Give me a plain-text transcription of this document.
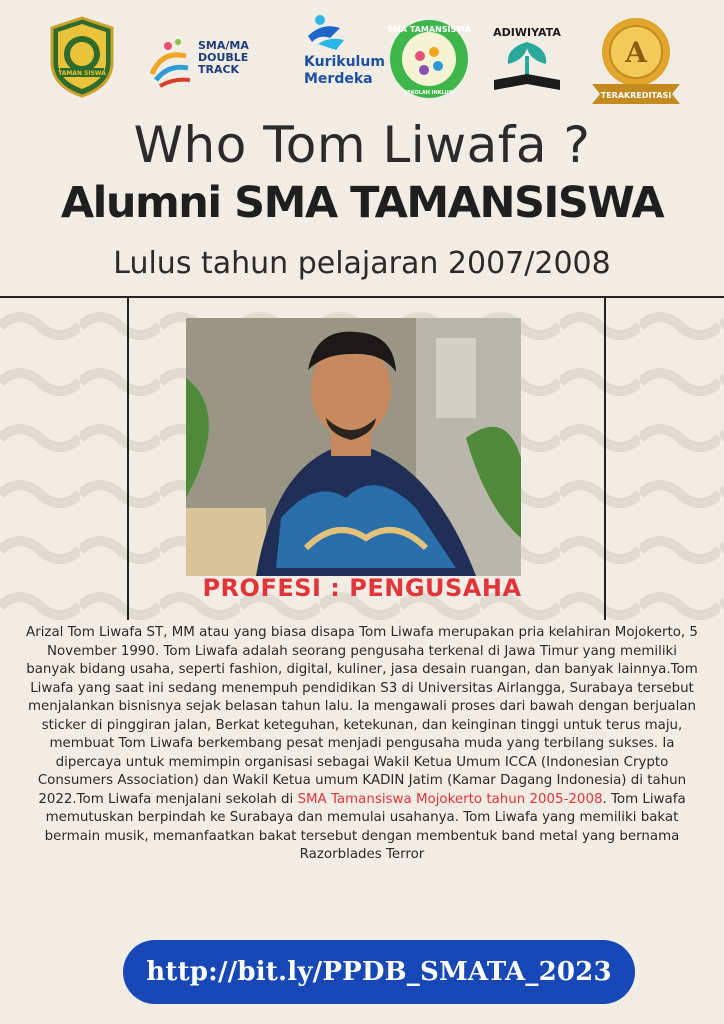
TAMAN SISWA
SMA/MA DOUBLE TRACK	Kurikulum Merdeka
SMA TAMANSISWA
SEKOLAH INKLUSI
ADIWIYATA
A
TERAKREDITASI
Who Tom Liwafa ?
Alumni SMA TAMANSISWA
Lulus tahun pelajaran 2007/2008
PROFESI : PENGUSAHA
Arizal Tom Liwafa ST, MM atau yang biasa disapa Tom Liwafa merupakan pria kelahiran Mojokerto, 5 November 1990. Tom Liwafa adalah seorang pengusaha terkenal di Jawa Timur yang memiliki banyak bidang usaha, seperti fashion, digital, kuliner, jasa desain ruangan, dan banyak lainnya.Tom Liwafa yang saat ini sedang menempuh pendidikan S3 di Universitas Airlangga, Surabaya tersebut menjalankan bisnisnya sejak belasan tahun lalu. Ia mengawali proses dari bawah dengan berjualan sticker di pinggiran jalan, Berkat keteguhan, ketekunan, dan keinginan tinggi untuk terus maju, membuat Tom Liwafa berkembang pesat menjadi pengusaha muda yang terbilang sukses. Ia dipercaya untuk memimpin organisasi sebagai Wakil Ketua Umum ICCA (Indonesian Crypto Consumers Association) dan Wakil Ketua umum KADIN Jatim (Kamar Dagang Indonesia) di tahun 2022.Tom Liwafa menjalani sekolah di SMA Tamansiswa Mojokerto tahun 2005-2008. Tom Liwafa memutuskan berpindah ke Surabaya dan memulai usahanya. Tom Liwafa yang memiliki bakat bermain musik, memanfaatkan bakat tersebut dengan membentuk band metal yang bernama Razorblades Terror
http://bit.ly/PPDB_SMATA_2023
